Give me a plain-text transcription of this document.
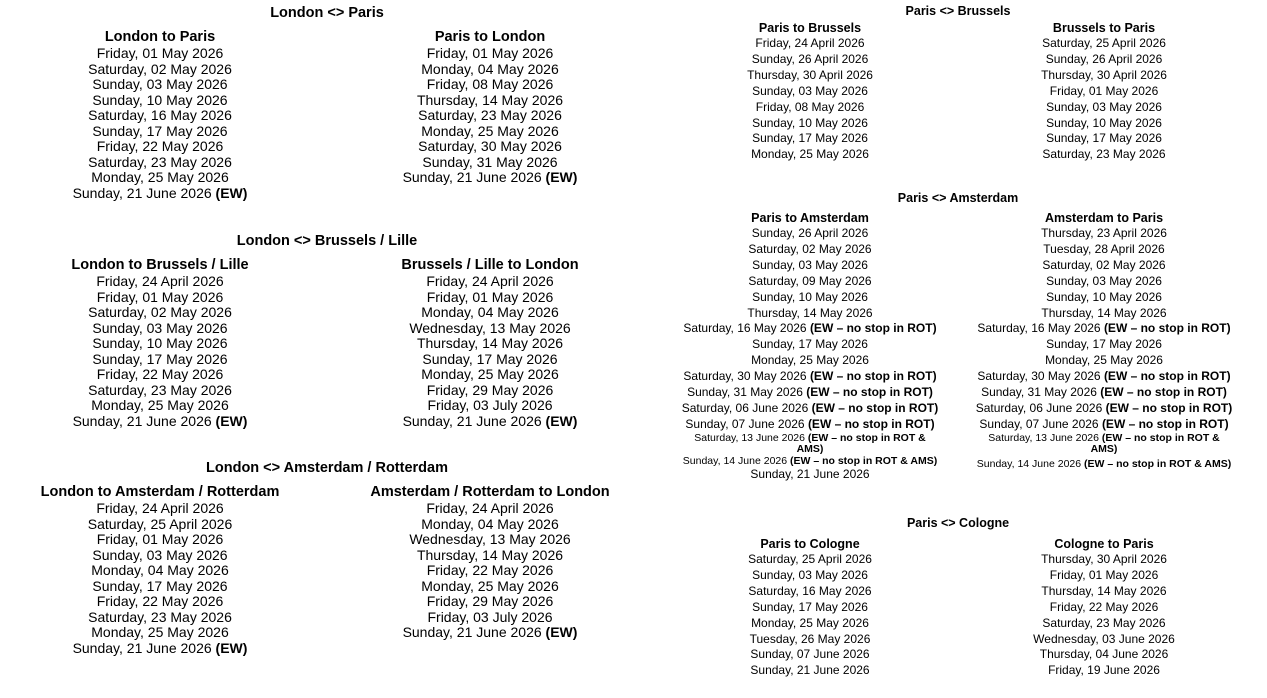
London <> Paris
London to Paris
Friday, 01 May 2026
Saturday, 02 May 2026
Sunday, 03 May 2026
Sunday, 10 May 2026
Saturday, 16 May 2026
Sunday, 17 May 2026
Friday, 22 May 2026
Saturday, 23 May 2026
Monday, 25 May 2026
Sunday, 21 June 2026 (EW)
Paris to London
Friday, 01 May 2026
Monday, 04 May 2026
Friday, 08 May 2026
Thursday, 14 May 2026
Saturday, 23 May 2026
Monday, 25 May 2026
Saturday, 30 May 2026
Sunday, 31 May 2026
Sunday, 21 June 2026 (EW)
London <> Brussels / Lille
London to Brussels / Lille
Friday, 24 April 2026
Friday, 01 May 2026
Saturday, 02 May 2026
Sunday, 03 May 2026
Sunday, 10 May 2026
Sunday, 17 May 2026
Friday, 22 May 2026
Saturday, 23 May 2026
Monday, 25 May 2026
Sunday, 21 June 2026 (EW)
Brussels / Lille to London
Friday, 24 April 2026
Friday, 01 May 2026
Monday, 04 May 2026
Wednesday, 13 May 2026
Thursday, 14 May 2026
Sunday, 17 May 2026
Monday, 25 May 2026
Friday, 29 May 2026
Friday, 03 July 2026
Sunday, 21 June 2026 (EW)
London <> Amsterdam / Rotterdam
London to Amsterdam / Rotterdam
Friday, 24 April 2026
Saturday, 25 April 2026
Friday, 01 May 2026
Sunday, 03 May 2026
Monday, 04 May 2026
Sunday, 17 May 2026
Friday, 22 May 2026
Saturday, 23 May 2026
Monday, 25 May 2026
Sunday, 21 June 2026 (EW)
Amsterdam / Rotterdam to London
Friday, 24 April 2026
Monday, 04 May 2026
Wednesday, 13 May 2026
Thursday, 14 May 2026
Friday, 22 May 2026
Monday, 25 May 2026
Friday, 29 May 2026
Friday, 03 July 2026
Sunday, 21 June 2026 (EW)
Paris <> Brussels
Paris to Brussels
Friday, 24 April 2026
Sunday, 26 April 2026
Thursday, 30 April 2026
Sunday, 03 May 2026
Friday, 08 May 2026
Sunday, 10 May 2026
Sunday, 17 May 2026
Monday, 25 May 2026
Brussels to Paris
Saturday, 25 April 2026
Sunday, 26 April 2026
Thursday, 30 April 2026
Friday, 01 May 2026
Sunday, 03 May 2026
Sunday, 10 May 2026
Sunday, 17 May 2026
Saturday, 23 May 2026
Paris <> Amsterdam
Paris to Amsterdam
Sunday, 26 April 2026
Saturday, 02 May 2026
Sunday, 03 May 2026
Saturday, 09 May 2026
Sunday, 10 May 2026
Thursday, 14 May 2026
Saturday, 16 May 2026 (EW – no stop in ROT)
Sunday, 17 May 2026
Monday, 25 May 2026
Saturday, 30 May 2026 (EW – no stop in ROT)
Sunday, 31 May 2026 (EW – no stop in ROT)
Saturday, 06 June 2026 (EW – no stop in ROT)
Sunday, 07 June 2026 (EW – no stop in ROT)
Saturday, 13 June 2026 (EW – no stop in ROT & AMS)
Sunday, 14 June 2026 (EW – no stop in ROT & AMS)
Sunday, 21 June 2026
Amsterdam to Paris
Thursday, 23 April 2026
Tuesday, 28 April 2026
Saturday, 02 May 2026
Sunday, 03 May 2026
Sunday, 10 May 2026
Thursday, 14 May 2026
Saturday, 16 May 2026 (EW – no stop in ROT)
Sunday, 17 May 2026
Monday, 25 May 2026
Saturday, 30 May 2026 (EW – no stop in ROT)
Sunday, 31 May 2026 (EW – no stop in ROT)
Saturday, 06 June 2026 (EW – no stop in ROT)
Sunday, 07 June 2026 (EW – no stop in ROT)
Saturday, 13 June 2026 (EW – no stop in ROT & AMS)
Sunday, 14 June 2026 (EW – no stop in ROT & AMS)
Paris <> Cologne
Paris to Cologne
Saturday, 25 April 2026
Sunday, 03 May 2026
Saturday, 16 May 2026
Sunday, 17 May 2026
Monday, 25 May 2026
Tuesday, 26 May 2026
Sunday, 07 June 2026
Sunday, 21 June 2026
Cologne to Paris
Thursday, 30 April 2026
Friday, 01 May 2026
Thursday, 14 May 2026
Friday, 22 May 2026
Saturday, 23 May 2026
Wednesday, 03 June 2026
Thursday, 04 June 2026
Friday, 19 June 2026
